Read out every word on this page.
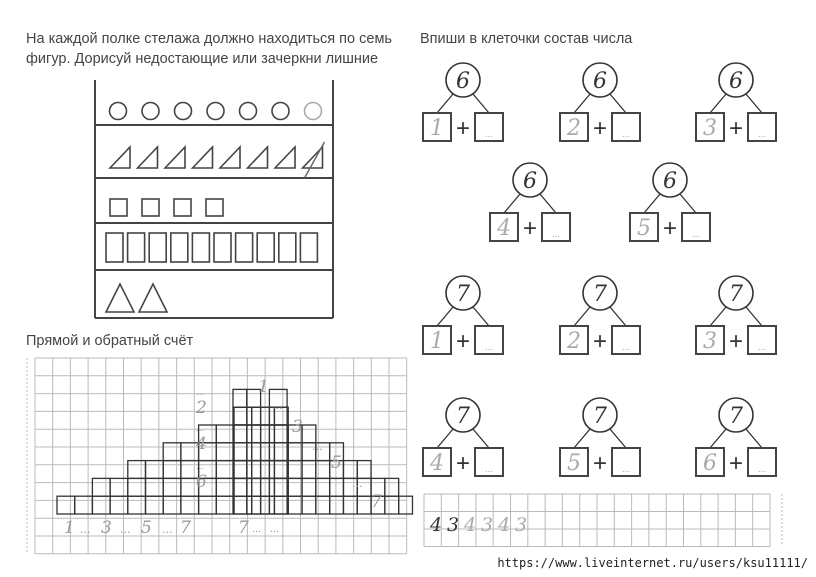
На каждой полке стелажа должно находиться по семь фигур. Дорисуй недостающие или зачеркни лишние
Впиши в клеточки состав числа
Прямой и обратный счёт
1 ... 3 ... 5 ... 7
2
...
4
...
6
...
7 ... ...
1
...
3
...
5
...
7
6
1 + ...
6
2 + ...
6
3 + ...
6
4 + ...
6
5 + ...
7
1 + ...
7
2 + ...
7
3 + ...
7
4 + ...
7
5 + ...
7
6 + ...
4 3 4 3 4 3
https://www.liveinternet.ru/users/ksu11111/
